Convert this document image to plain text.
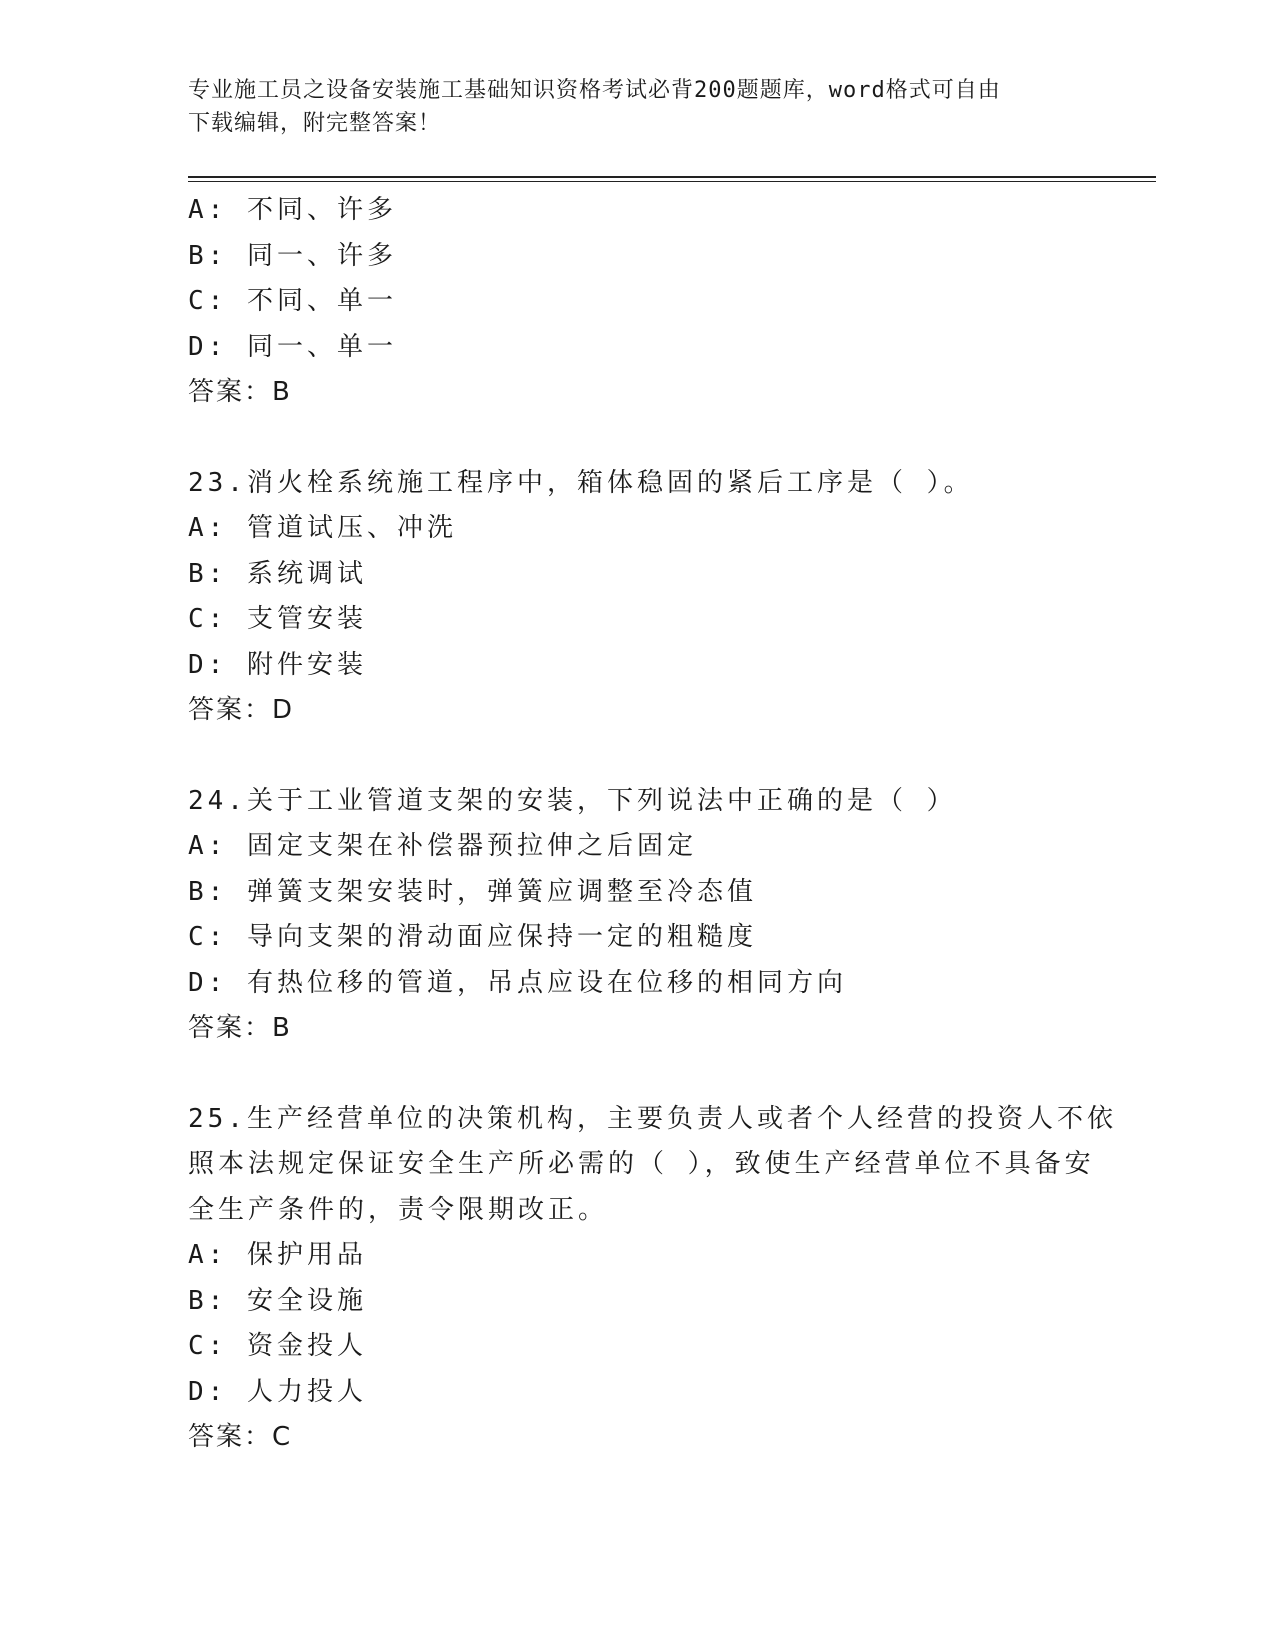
专业施工员之设备安装施工基础知识资格考试必背200题题库，word格式可自由
下载编辑，附完整答案！
A: 不同、许多
B: 同一、许多
C: 不同、单一
D: 同一、单一
答案：B
23.消火栓系统施工程序中，箱体稳固的紧后工序是（ ）。
A: 管道试压、冲洗
B: 系统调试
C: 支管安装
D: 附件安装
答案：D
24.关于工业管道支架的安装，下列说法中正确的是（ ）
A: 固定支架在补偿器预拉伸之后固定
B: 弹簧支架安装时，弹簧应调整至冷态值
C: 导向支架的滑动面应保持一定的粗糙度
D: 有热位移的管道，吊点应设在位移的相同方向
答案：B
25.生产经营单位的决策机构，主要负责人或者个人经营的投资人不依
照本法规定保证安全生产所必需的（ ），致使生产经营单位不具备安
全生产条件的，责令限期改正。
A: 保护用品
B: 安全设施
C: 资金投人
D: 人力投人
答案：C
